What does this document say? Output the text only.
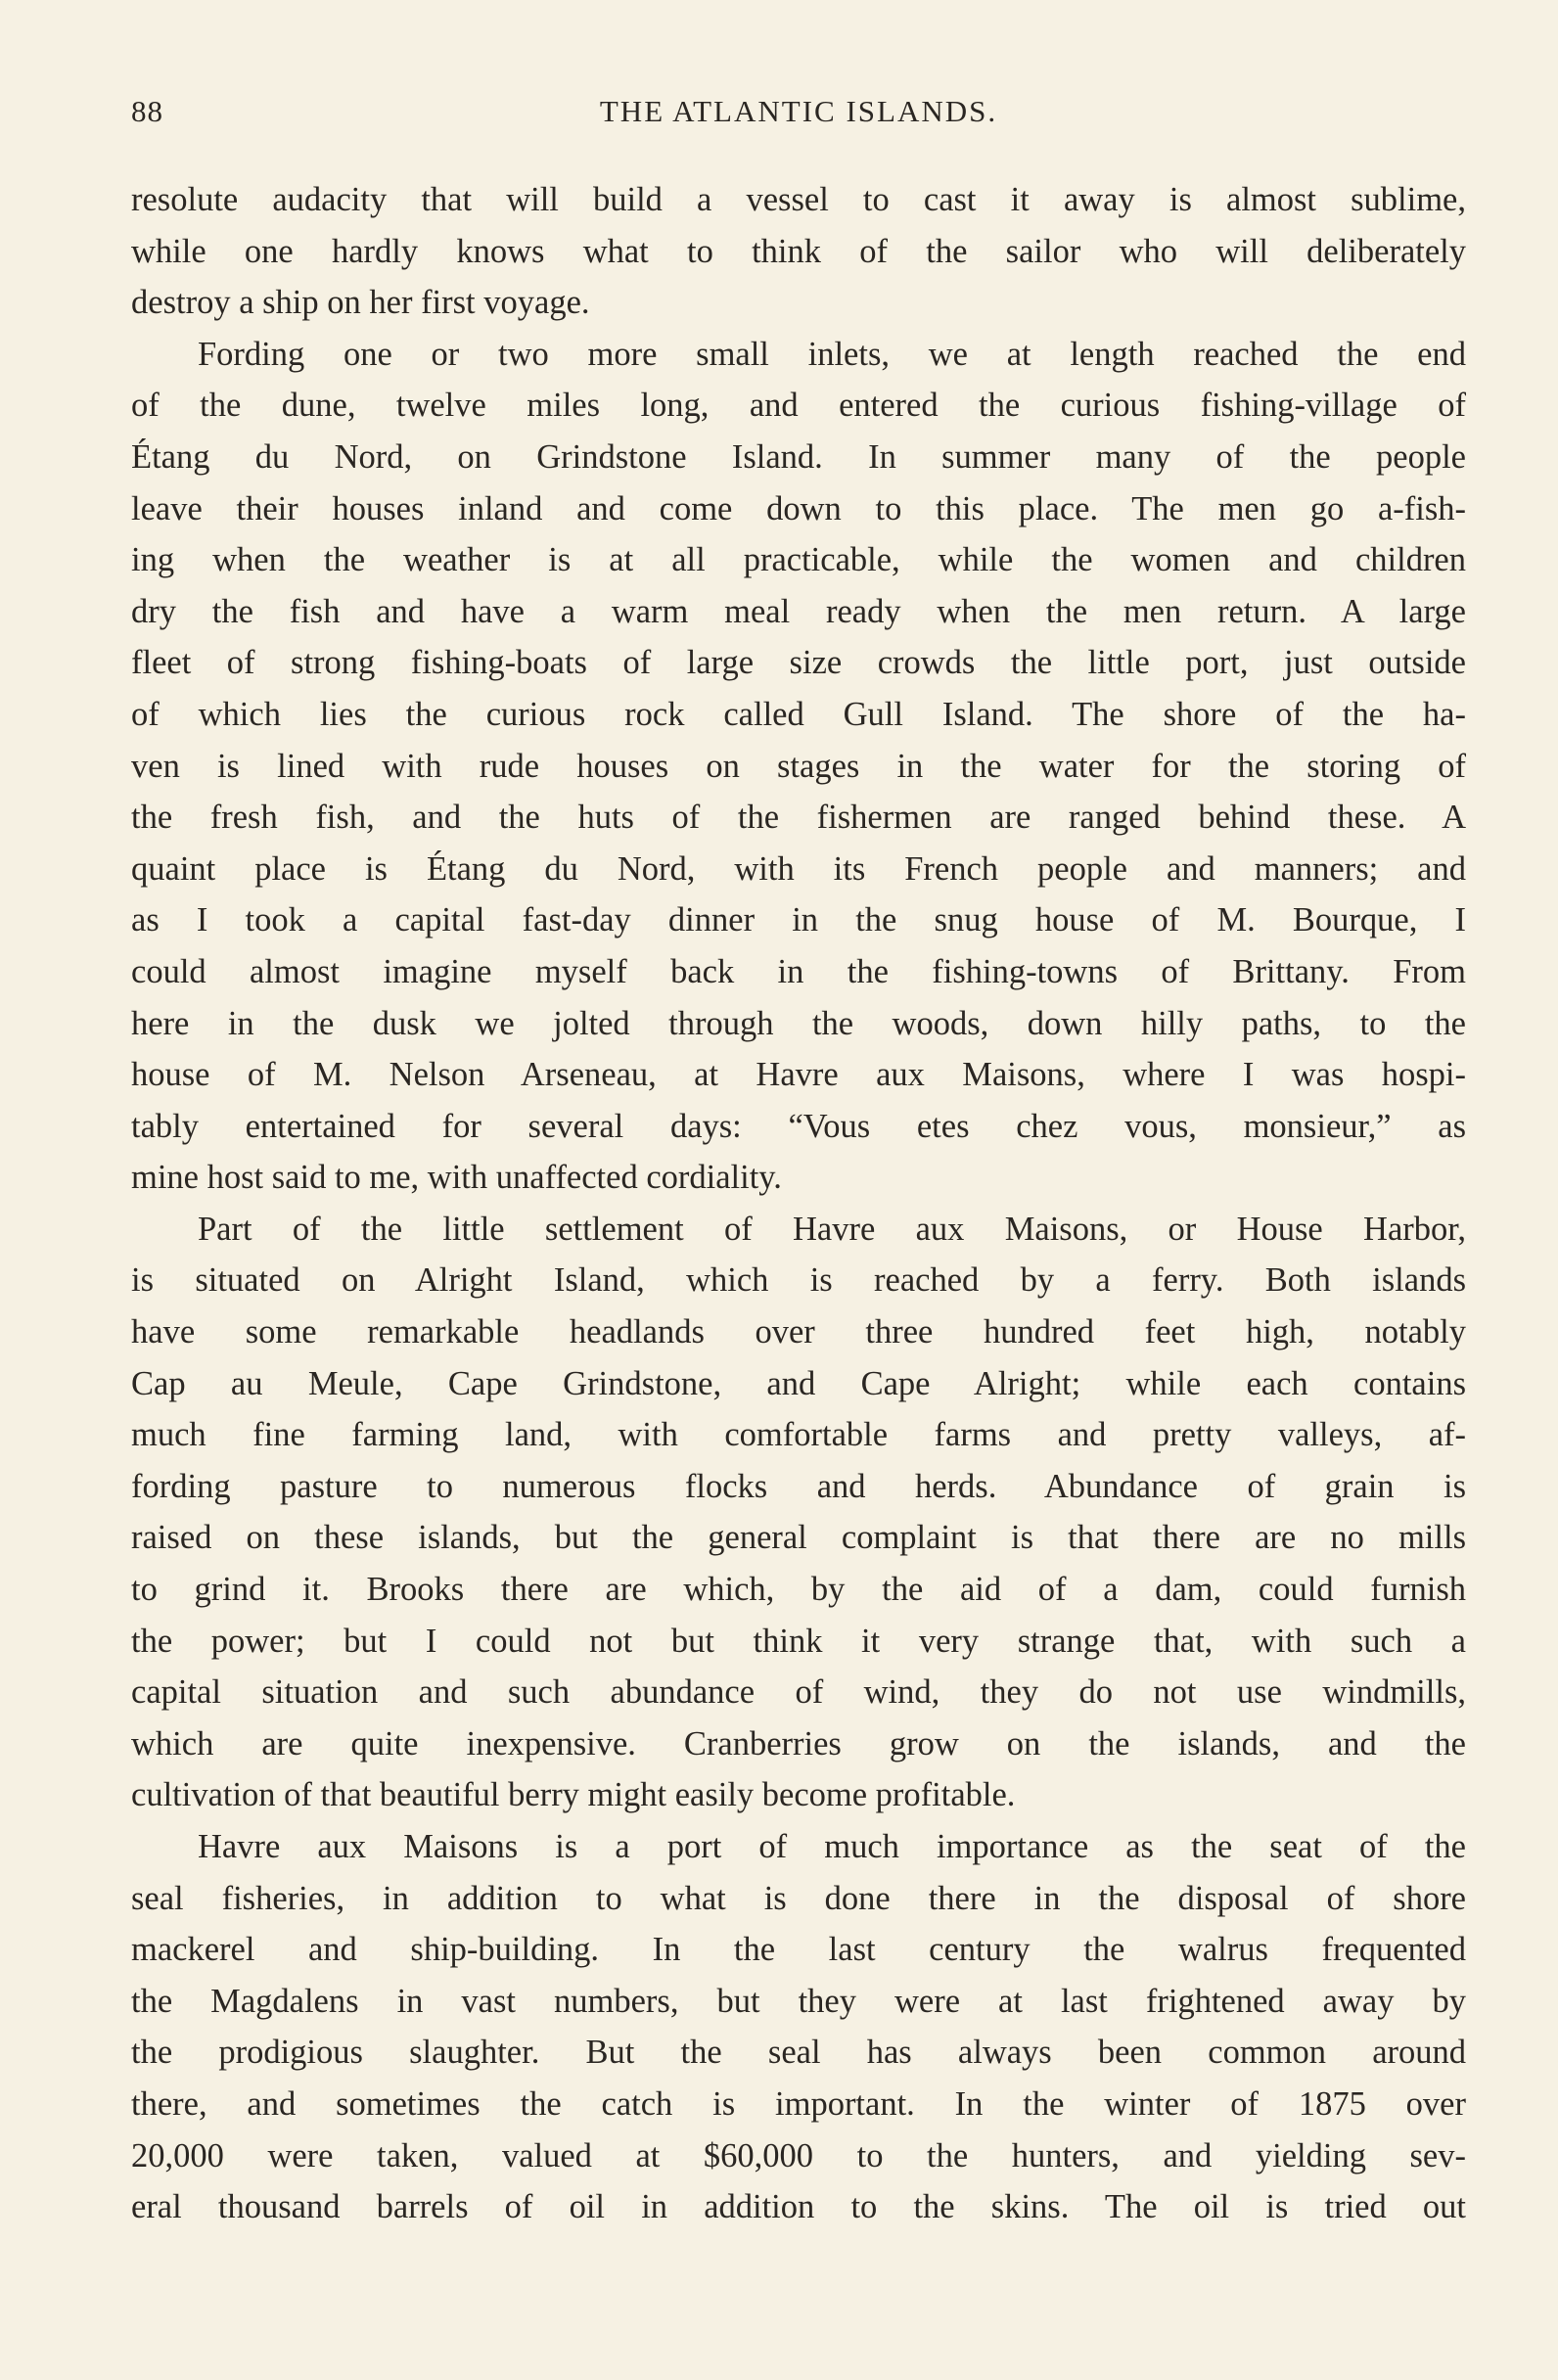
88	THE ATLANTIC ISLANDS.
resolute audacity that will build a vessel to cast it away is almost sublime,
while one hardly knows what to think of the sailor who will deliberately
destroy a ship on her first voyage.
Fording one or two more small inlets, we at length reached the end
of the dune, twelve miles long, and entered the curious fishing-village of
Étang du Nord, on Grindstone Island. In summer many of the people
leave their houses inland and come down to this place. The men go a-fish-
ing when the weather is at all practicable, while the women and children
dry the fish and have a warm meal ready when the men return. A large
fleet of strong fishing-boats of large size crowds the little port, just outside
of which lies the curious rock called Gull Island. The shore of the ha-
ven is lined with rude houses on stages in the water for the storing of
the fresh fish, and the huts of the fishermen are ranged behind these. A
quaint place is Étang du Nord, with its French people and manners; and
as I took a capital fast-day dinner in the snug house of M. Bourque, I
could almost imagine myself back in the fishing-towns of Brittany. From
here in the dusk we jolted through the woods, down hilly paths, to the
house of M. Nelson Arseneau, at Havre aux Maisons, where I was hospi-
tably entertained for several days: “Vous etes chez vous, monsieur,” as
mine host said to me, with unaffected cordiality.
Part of the little settlement of Havre aux Maisons, or House Harbor,
is situated on Alright Island, which is reached by a ferry. Both islands
have some remarkable headlands over three hundred feet high, notably
Cap au Meule, Cape Grindstone, and Cape Alright; while each contains
much fine farming land, with comfortable farms and pretty valleys, af-
fording pasture to numerous flocks and herds. Abundance of grain is
raised on these islands, but the general complaint is that there are no mills
to grind it. Brooks there are which, by the aid of a dam, could furnish
the power; but I could not but think it very strange that, with such a
capital situation and such abundance of wind, they do not use windmills,
which are quite inexpensive. Cranberries grow on the islands, and the
cultivation of that beautiful berry might easily become profitable.
Havre aux Maisons is a port of much importance as the seat of the
seal fisheries, in addition to what is done there in the disposal of shore
mackerel and ship-building. In the last century the walrus frequented
the Magdalens in vast numbers, but they were at last frightened away by
the prodigious slaughter. But the seal has always been common around
there, and sometimes the catch is important. In the winter of 1875 over
20,000 were taken, valued at $60,000 to the hunters, and yielding sev-
eral thousand barrels of oil in addition to the skins. The oil is tried out
